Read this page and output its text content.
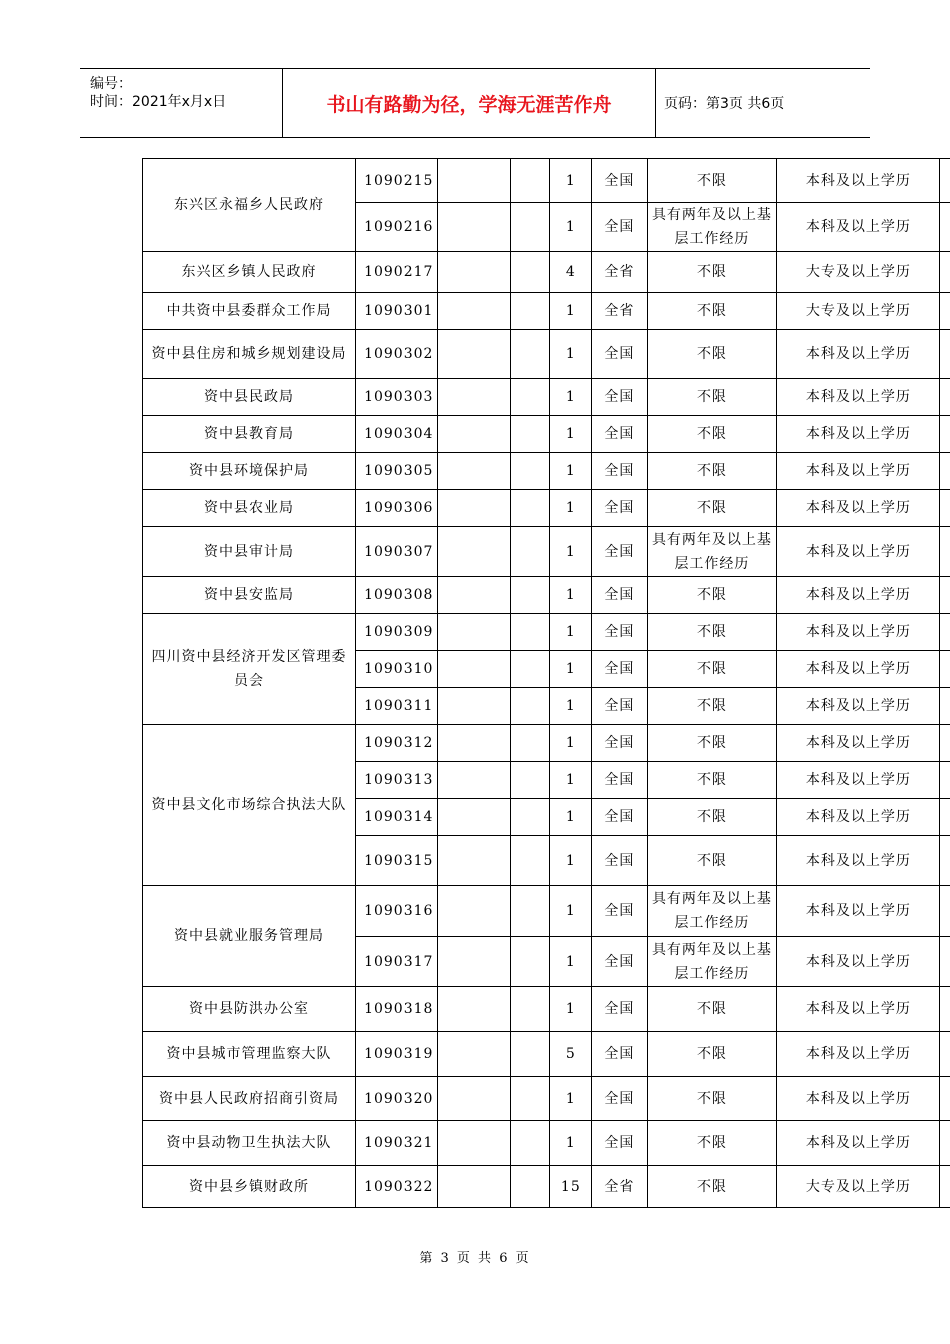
编号：
时间：2021年x月x日	书山有路勤为径，学海无涯苦作舟	页码：第3页 共6页
东兴区永福乡人民政府	1090215			1	全国	不限	本科及以上学历	
	1090216			1	全国	具有两年及以上基层工作经历	本科及以上学历	
东兴区乡镇人民政府	1090217			4	全省	不限	大专及以上学历	
中共资中县委群众工作局	1090301			1	全省	不限	大专及以上学历	
资中县住房和城乡规划建设局	1090302			1	全国	不限	本科及以上学历	
资中县民政局	1090303			1	全国	不限	本科及以上学历	
资中县教育局	1090304			1	全国	不限	本科及以上学历	
资中县环境保护局	1090305			1	全国	不限	本科及以上学历	
资中县农业局	1090306			1	全国	不限	本科及以上学历	
资中县审计局	1090307			1	全国	具有两年及以上基层工作经历	本科及以上学历	
资中县安监局	1090308			1	全国	不限	本科及以上学历	
四川资中县经济开发区管理委员会	1090309			1	全国	不限	本科及以上学历	
	1090310			1	全国	不限	本科及以上学历	
	1090311			1	全国	不限	本科及以上学历	
资中县文化市场综合执法大队	1090312			1	全国	不限	本科及以上学历	
	1090313			1	全国	不限	本科及以上学历	
	1090314			1	全国	不限	本科及以上学历	
	1090315			1	全国	不限	本科及以上学历	
资中县就业服务管理局	1090316			1	全国	具有两年及以上基层工作经历	本科及以上学历	
	1090317			1	全国	具有两年及以上基层工作经历	本科及以上学历	
资中县防洪办公室	1090318			1	全国	不限	本科及以上学历	
资中县城市管理监察大队	1090319			5	全国	不限	本科及以上学历	
资中县人民政府招商引资局	1090320			1	全国	不限	本科及以上学历	
资中县动物卫生执法大队	1090321			1	全国	不限	本科及以上学历	
资中县乡镇财政所	1090322			15	全省	不限	大专及以上学历	
第 3 页 共 6 页
